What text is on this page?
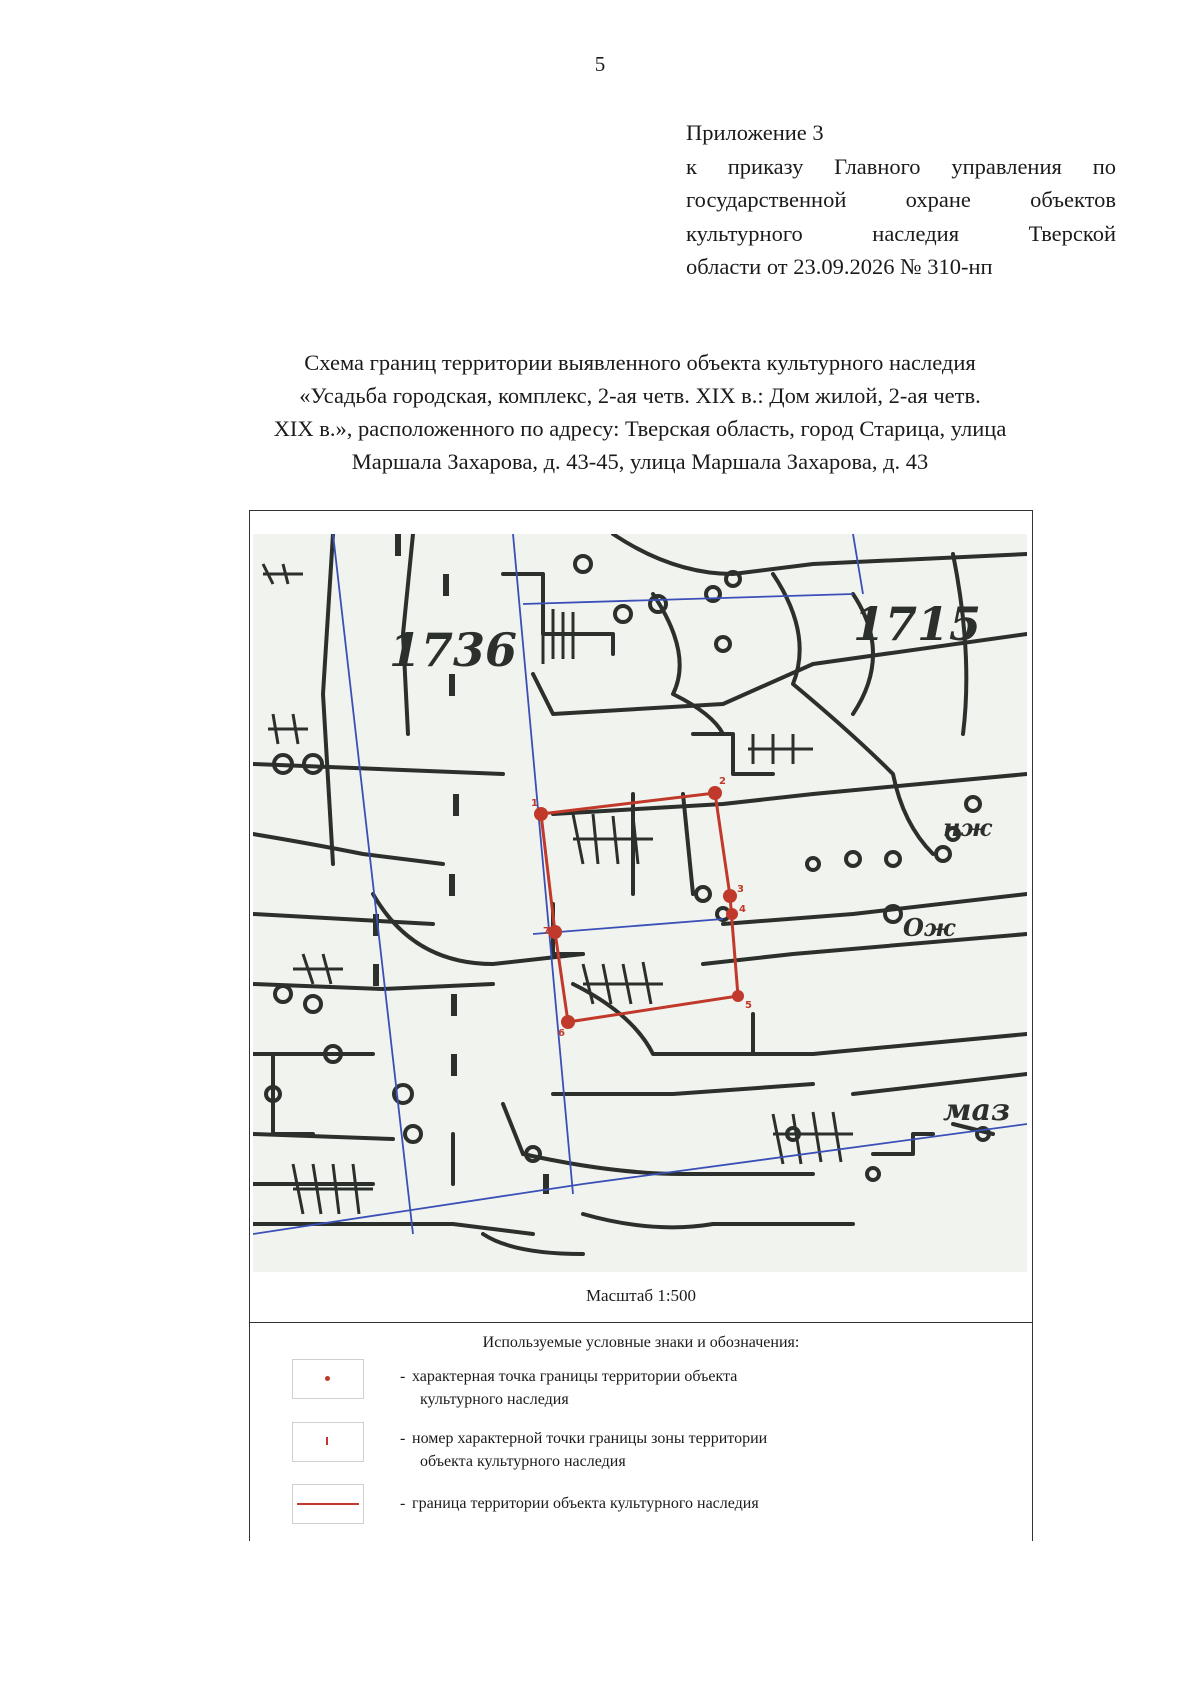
5
Приложение 3
к приказу Главного управления по
государственной охране объектов
культурного наследия Тверской
области от 23.09.2026 № 310-нп
Схема границ территории выявленного объекта культурного наследия
«Усадьба городская, комплекс, 2-ая четв. XIX в.: Дом жилой, 2-ая четв.
XIX в.», расположенного по адресу: Тверская область, город Старица, улица
Маршала Захарова, д. 43-45, улица Маршала Захарова, д. 43
1736	1715
маз
нж
Ож
1
2
3
4
5
6
7
Масштаб 1:500
Используемые условные знаки и обозначения:
- характерная точка границы территории объекта
культурного наследия
- номер характерной точки границы зоны территории
объекта культурного наследия
- граница территории объекта культурного наследия
